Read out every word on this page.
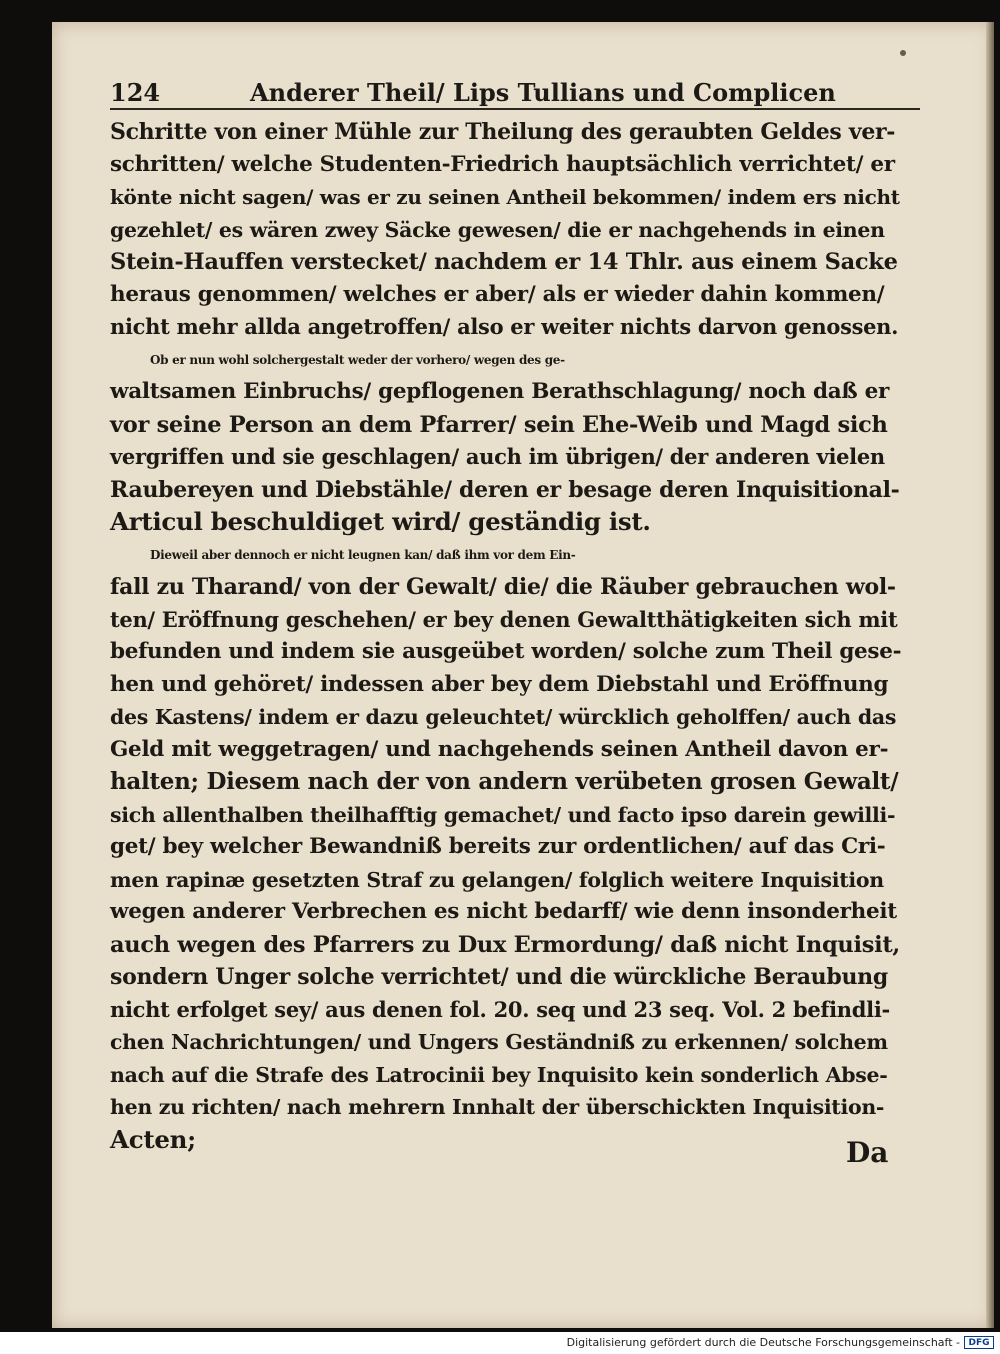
124	Anderer Theil/ Lips Tullians und Complicen
Schritte von einer Mühle zur Theilung des geraubten Geldes ver-
schritten/ welche Studenten-Friedrich hauptsächlich verrichtet/ er
könte nicht sagen/ was er zu seinen Antheil bekommen/ indem ers nicht
gezehlet/ es wären zwey Säcke gewesen/ die er nachgehends in einen
Stein-Hauffen verstecket/ nachdem er 14 Thlr. aus einem Sacke
heraus genommen/ welches er aber/ als er wieder dahin kommen/
nicht mehr allda angetroffen/ also er weiter nichts darvon genossen.
Ob er nun wohl solchergestalt weder der vorhero/ wegen des ge-
waltsamen Einbruchs/ gepflogenen Berathschlagung/ noch daß er
vor seine Person an dem Pfarrer/ sein Ehe-Weib und Magd sich
vergriffen und sie geschlagen/ auch im übrigen/ der anderen vielen
Raubereyen und Diebstähle/ deren er besage deren Inquisitional-
Articul beschuldiget wird/ geständig ist.
Dieweil aber dennoch er nicht leugnen kan/ daß ihm vor dem Ein-
fall zu Tharand/ von der Gewalt/ die/ die Räuber gebrauchen wol-
ten/ Eröffnung geschehen/ er bey denen Gewaltthätigkeiten sich mit
befunden und indem sie ausgeübet worden/ solche zum Theil gese-
hen und gehöret/ indessen aber bey dem Diebstahl und Eröffnung
des Kastens/ indem er dazu geleuchtet/ würcklich geholffen/ auch das
Geld mit weggetragen/ und nachgehends seinen Antheil davon er-
halten; Diesem nach der von andern verübeten grosen Gewalt/
sich allenthalben theilhafftig gemachet/ und facto ipso darein gewilli-
get/ bey welcher Bewandniß bereits zur ordentlichen/ auf das Cri-
men rapinæ gesetzten Straf zu gelangen/ folglich weitere Inquisition
wegen anderer Verbrechen es nicht bedarff/ wie denn insonderheit
auch wegen des Pfarrers zu Dux Ermordung/ daß nicht Inquisit,
sondern Unger solche verrichtet/ und die würckliche Beraubung
nicht erfolget sey/ aus denen fol. 20. seq und 23 seq. Vol. 2 befindli-
chen Nachrichtungen/ und Ungers Geständniß zu erkennen/ solchem
nach auf die Strafe des Latrocinii bey Inquisito kein sonderlich Abse-
hen zu richten/ nach mehrern Innhalt der überschickten Inquisition-
Acten;	Da
Digitalisierung gefördert durch die Deutsche Forschungsgemeinschaft - DFG
